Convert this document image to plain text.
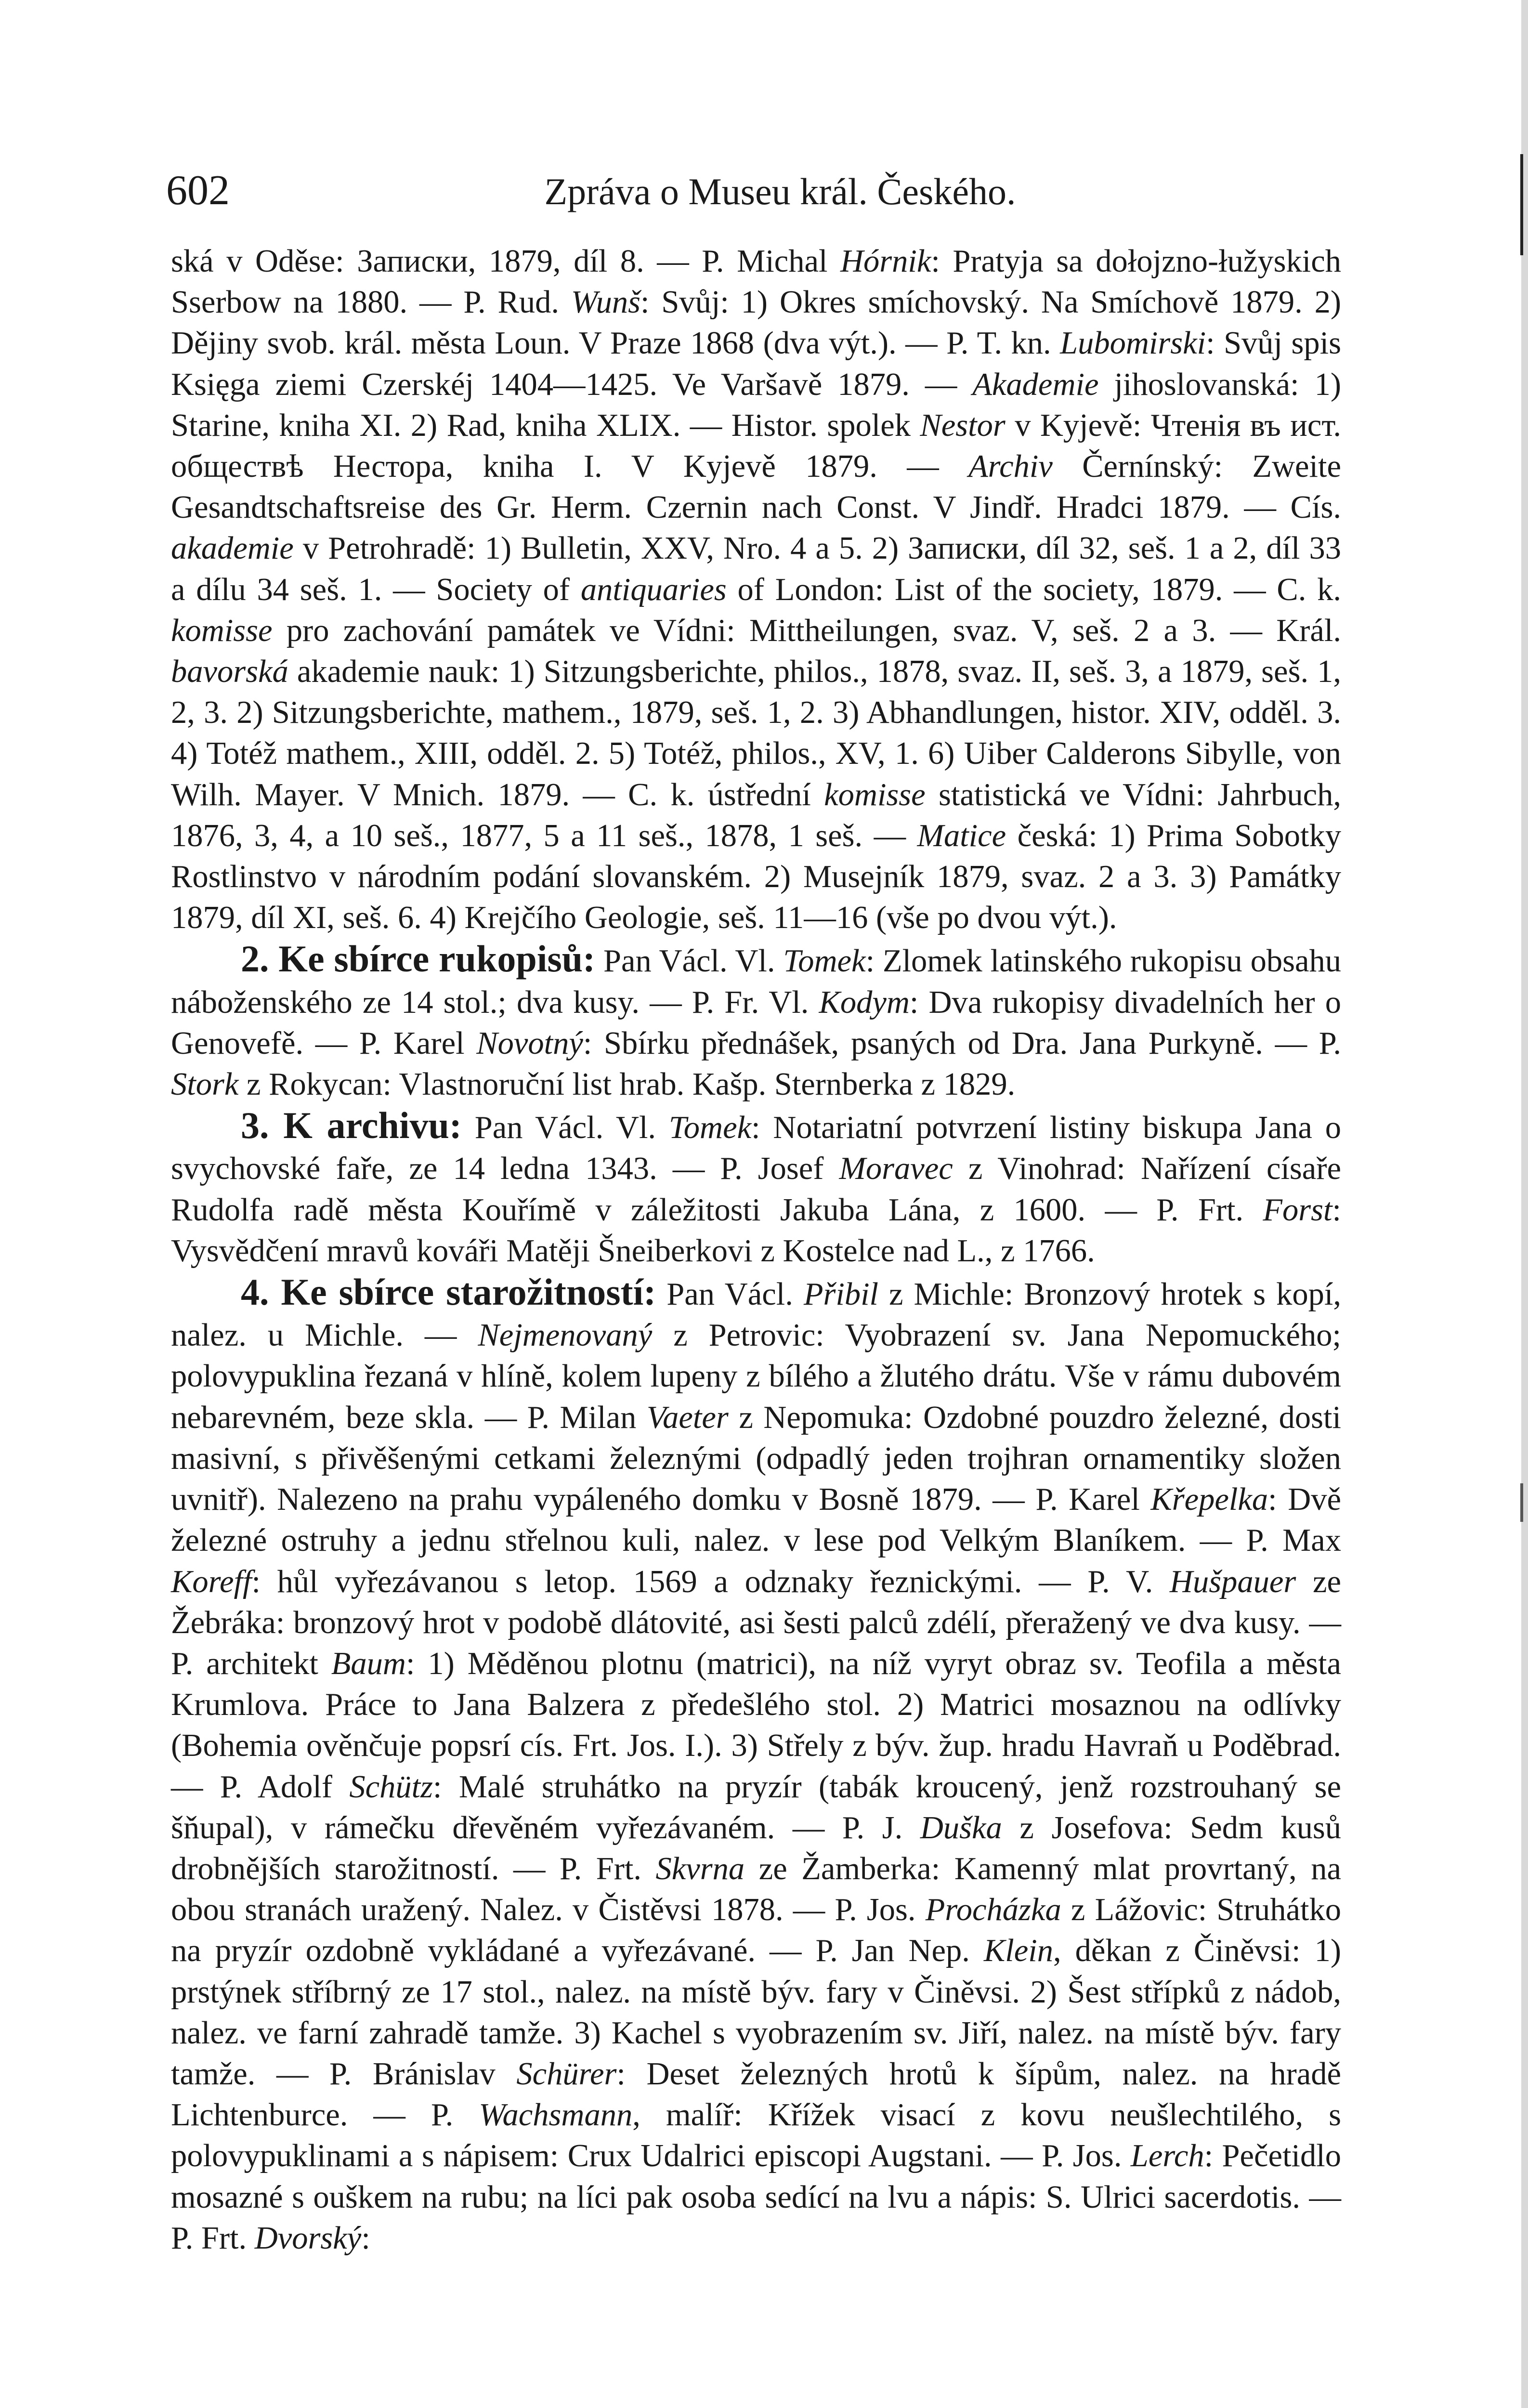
602	Zpráva o Museu král. Českého.

ská v Oděse: Записки, 1879, díl 8. — P. Michal Hórnik: Pratyja sa dołojzno-łužyskich Sserbow na 1880. — P. Rud. Wunš: Svůj: 1) Okres smíchovský. Na Smíchově 1879. 2) Dějiny svob. král. města Loun. V Praze 1868 (dva výt.). — P. T. kn. Lubomirski: Svůj spis Księga ziemi Czerskéj 1404—1425. Ve Varšavě 1879. — Akademie jihoslovanská: 1) Starine, kniha XI. 2) Rad, kniha XLIX. — Histor. spolek Nestor v Kyjevě: Чтенія въ ист. обществѣ Нестора, kniha I. V Kyjevě 1879. — Archiv Černínský: Zweite Gesandtschaftsreise des Gr. Herm. Czernin nach Const. V Jindř. Hradci 1879. — Cís. akademie v Petrohradě: 1) Bulletin, XXV, Nro. 4 a 5. 2) Записки, díl 32, seš. 1 a 2, díl 33 a dílu 34 seš. 1. — Society of antiquaries of London: List of the society, 1879. — C. k. komisse pro zachování památek ve Vídni: Mittheilungen, svaz. V, seš. 2 a 3. — Král. bavorská akademie nauk: 1) Sitzungsberichte, philos., 1878, svaz. II, seš. 3, a 1879, seš. 1, 2, 3. 2) Sitzungsberichte, mathem., 1879, seš. 1, 2. 3) Abhandlungen, histor. XIV, odděl. 3. 4) Totéž mathem., XIII, odděl. 2. 5) Totéž, philos., XV, 1. 6) Uiber Calderons Sibylle, von Wilh. Mayer. V Mnich. 1879. — C. k. ústřední komisse statistická ve Vídni: Jahrbuch, 1876, 3, 4, a 10 seš., 1877, 5 a 11 seš., 1878, 1 seš. — Matice česká: 1) Prima Sobotky Rostlinstvo v národním podání slovanském. 2) Musejník 1879, svaz. 2 a 3. 3) Památky 1879, díl XI, seš. 6. 4) Krejčího Geologie, seš. 11—16 (vše po dvou výt.).

2. Ke sbírce rukopisů: Pan Václ. Vl. Tomek: Zlomek latinského rukopisu obsahu náboženského ze 14 stol.; dva kusy. — P. Fr. Vl. Kodym: Dva rukopisy divadelních her o Genovefě. — P. Karel Novotný: Sbírku přednášek, psaných od Dra. Jana Purkyně. — P. Stork z Rokycan: Vlastnoruční list hrab. Kašp. Sternberka z 1829.

3. K archivu: Pan Václ. Vl. Tomek: Notariatní potvrzení listiny biskupa Jana o svychovské faře, ze 14 ledna 1343. — P. Josef Moravec z Vinohrad: Nařízení císaře Rudolfa radě města Kouřímě v záležitosti Jakuba Lána, z 1600. — P. Frt. Forst: Vysvědčení mravů kováři Matěji Šneiberkovi z Kostelce nad L., z 1766.

4. Ke sbírce starožitností: Pan Václ. Přibil z Michle: Bronzový hrotek s kopí, nalez. u Michle. — Nejmenovaný z Petrovic: Vyobrazení sv. Jana Nepomuckého; polovypuklina řezaná v hlíně, kolem lupeny z bílého a žlutého drátu. Vše v rámu dubovém nebarevném, beze skla. — P. Milan Vaeter z Nepomuka: Ozdobné pouzdro železné, dosti masivní, s přivěšenými cetkami železnými (odpadlý jeden trojhran ornamentiky složen uvnitř). Nalezeno na prahu vypáleného domku v Bosně 1879. — P. Karel Křepelka: Dvě železné ostruhy a jednu střelnou kuli, nalez. v lese pod Velkým Blaníkem. — P. Max Koreff: hůl vyřezávanou s letop. 1569 a odznaky řeznickými. — P. V. Hušpauer ze Žebráka: bronzový hrot v podobě dlátovité, asi šesti palců zdélí, přeražený ve dva kusy. — P. architekt Baum: 1) Měděnou plotnu (matrici), na níž vyryt obraz sv. Teofila a města Krumlova. Práce to Jana Balzera z předešlého stol. 2) Matrici mosaznou na odlívky (Bohemia ověnčuje popsrí cís. Frt. Jos. I.). 3) Střely z býv. žup. hradu Havraň u Poděbrad. — P. Adolf Schütz: Malé struhátko na pryzír (tabák kroucený, jenž rozstrouhaný se šňupal), v rámečku dřevěném vyřezávaném. — P. J. Duška z Josefova: Sedm kusů drobnějších starožitností. — P. Frt. Skvrna ze Žamberka: Kamenný mlat provrtaný, na obou stranách uražený. Nalez. v Čistěvsi 1878. — P. Jos. Procházka z Lážovic: Struhátko na pryzír ozdobně vykládané a vyřezávané. — P. Jan Nep. Klein, děkan z Činěvsi: 1) prstýnek stříbrný ze 17 stol., nalez. na místě býv. fary v Činěvsi. 2) Šest střípků z nádob, nalez. ve farní zahradě tamže. 3) Kachel s vyobrazením sv. Jiří, nalez. na místě býv. fary tamže. — P. Bránislav Schürer: Deset železných hrotů k šípům, nalez. na hradě Lichtenburce. — P. Wachsmann, malíř: Křížek visací z kovu neušlechtilého, s polovypuklinami a s nápisem: Crux Udalrici episcopi Augstani. — P. Jos. Lerch: Pečetidlo mosazné s ouškem na rubu; na líci pak osoba sedící na lvu a nápis: S. Ulrici sacerdotis. — P. Frt. Dvorský:
